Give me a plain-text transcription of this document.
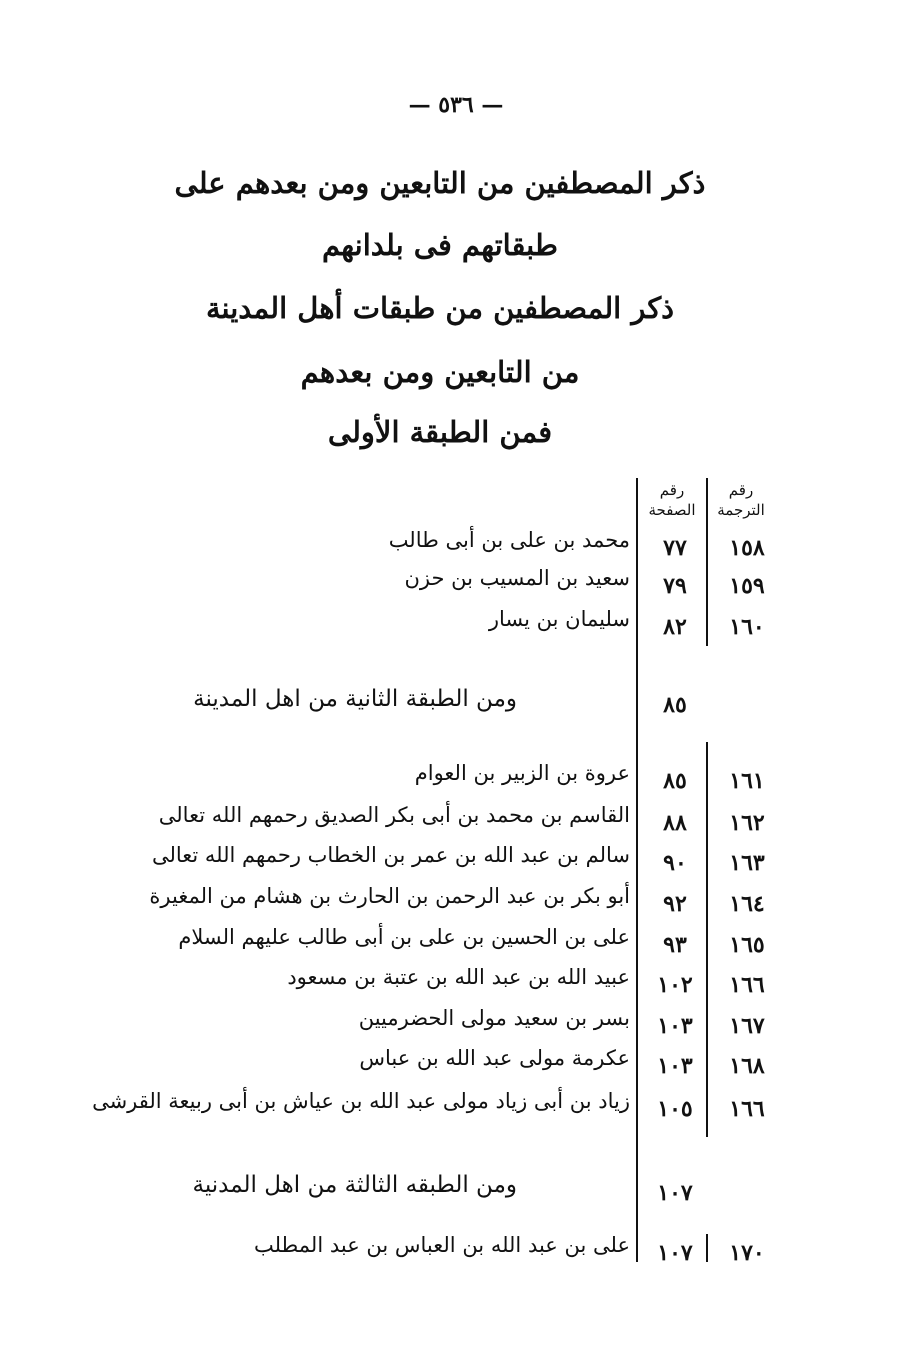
— ٥٣٦ —
ذكر المصطفين من التابعين ومن بعدهم على
طبقاتهم فى بلدانهم
ذكر المصطفين من طبقات أهل المدينة
من التابعين ومن بعدهم
فمن الطبقة الأولى
رقم الترجمة
رقم الصفحة
١٥٨
٧٧
محمد بن على بن أبى طالب
١٥٩
٧٩
سعيد بن المسيب بن حزن
١٦٠
٨٢
سليمان بن يسار
٨٥
ومن الطبقة الثانية من اهل المدينة
١٦١
٨٥
عروة بن الزبير بن العوام
١٦٢
٨٨
القاسم بن محمد بن أبى بكر الصديق رحمهم الله تعالى
١٦٣
٩٠
سالم بن عبد الله بن عمر بن الخطاب رحمهم الله تعالى
١٦٤
٩٢
أبو بكر بن عبد الرحمن بن الحارث بن هشام من المغيرة
١٦٥
٩٣
على بن الحسين بن على بن أبى طالب عليهم السلام
١٦٦
١٠٢
عبيد الله بن عبد الله بن عتبة بن مسعود
١٦٧
١٠٣
بسر بن سعيد مولى الحضرميين
١٦٨
١٠٣
عكرمة مولى عبد الله بن عباس
١٦٦
١٠٥
زياد بن أبى زياد مولى عبد الله بن عياش بن أبى ربيعة القرشى
١٠٧
ومن الطبقه الثالثة من اهل المدنية
١٧٠
١٠٧
على بن عبد الله بن العباس بن عبد المطلب
